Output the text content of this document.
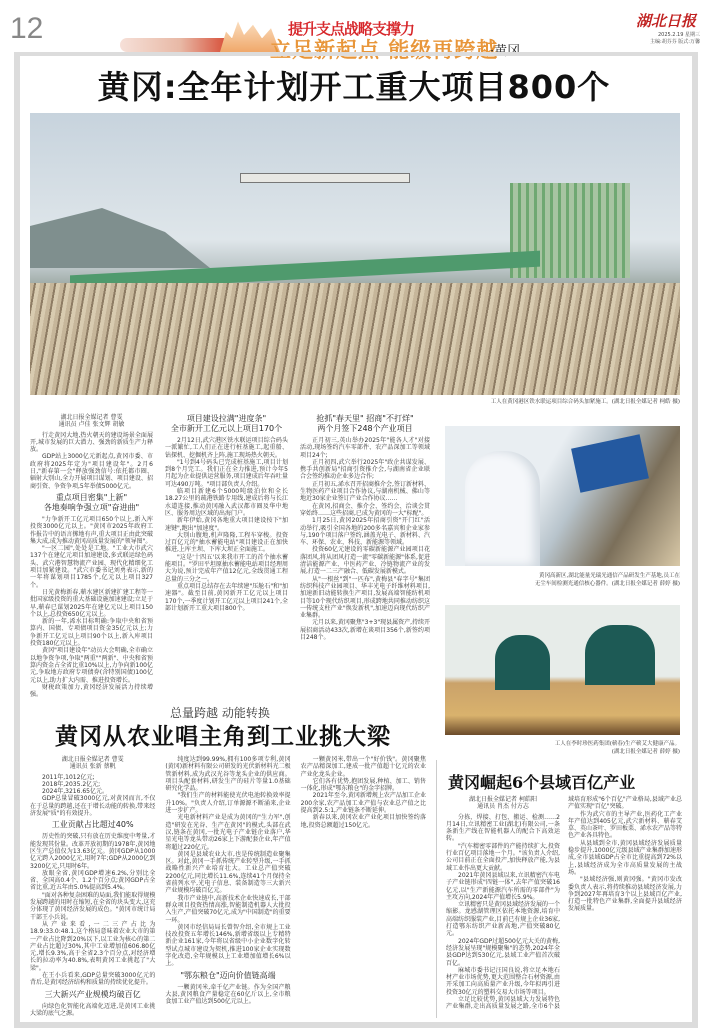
12	提升支点战略支撑力
立足新起点 能级再跨越
·黄冈
湖北日报
2025.2.19 星期三
主编:胡芬芬 版式:万馨
黄冈:全年计划开工重大项目800个
工人在黄冈港区铁水联运项目综合码头加紧施工。(湖北日报全媒记者 柯皓 摄)

湖北日报全媒记者 曹雯
通讯员 卢佳 张文辉 胡敏

行走黄冈大地,热火朝天的建设场景全面展开,城市发展的巨大潜力、强劲的新质生产力释放。

GDP站上3000亿元新起点,黄冈市委、市政府将2025年定为"项目建设年"。2月6日,"新春第一会"释放强劲信号:依托都市圈、辐射大别山,全力开展项目谋划、项目建设、招商引资、争资争项,5年举债5000亿元。

重点项目密集"上新"
各地奏响争强立项"奋进曲"

"力争新开工亿元项目650个以上,新入库投资3000亿元以上。"黄冈市2025年政府工作报告中的语言掷地有声,重大项目正由此突破集大成,成为推动黄冈高质量发展的"领导图"。

"一区二园",处处是工地。"工业大市武穴137个在建亿元项目加速建设,多式联运绿色码头、武穴港智慧物流产业园、现代化精细化工项目加紧建设。"武穴市委书记刘勇表示,新的一年将谋划项目1785个,亿元以上项目327个。

日光黄梅新春,蕲水建区新建扩建工程等一批国家级投资的重大基础设施加速建设;立足于早,蕲春已谋划2025年在建亿元以上项目150个以上,总投资650亿元以上。

新的一年,浠水目标明确:争取中央和省预算内、国债、专项债项目资金35亿元以上;力争新开工亿元以上项目90个以上,新入库项目投资180亿元以上。

黄冈"项目建设年"动员大会明确,全市确立以地争资争项,争取"两重""两新"、中央和省预算内资金占全省比重10%以上,力争向新100亿元,争取地方政府专项债券(含特别国债)100亿元以上,助力扩大内需、推进投资增长。

财税政策加力,黄冈经济发展活力持续增强。

项目建设拉满"进度条"
全市新开工亿元以上项目170个

2月12日,武穴港区铁水联运项目综合码头一派繁忙,工人们正在进行桩基施工,起重船、钻探机、挖掘机齐上阵,施工现场热火朝天。

"1号到4号码头已完成桩基施工,项目计划到8个月完工。我们正在全力推进,预计今年5月起为企业提供运营服务,项目建成后年吞吐量可达490万吨。"项目部负责人介绍。

临项目新建6个5000吨级泊位和全长18.27公里的疏港铁路专用线,建成后将与长江水道连接,推动黄冈融入武汉都市圈及华中地区、服务周边区域的出海门户。

新年伊始,黄冈各地重大项目建设按下"加速键",跑出"加速度"。

大别山腹地,机声隆隆,工程车穿梭。投资过百亿元的"抽水蓄能电站"项目建设正在加快推进,上库主坝、下库大坝正全面施工。

"这是'十四五'以来我市开工的首个抽水蓄能项目。"罗田平坦原抽水蓄能电站项目经理周大为说,预计完成年产值12亿元,全线贯通工程总量的三分之一。

重点项目总结存在去年续建"压舱石"和"加速器"。截至目前,黄冈新开工亿元以上项目170个,一季度计划开工亿元以上项目241个,全部计划新开工重大项目800个。

抢抓"春天里" 招商"不打烊"
两个月签下248个产业项目

正月初三,英山举办2025年"能各人才"对接活动,现场签约汽车零部件、农产品深加工等领域项目24个;

正月初四,武穴举行2025年"政企共谋发展、携手共创新局"招商引资推介会,与湖南省企业联合会签约推动企业多边合作;

正月初五,浠水召开招商推介会,签订新材料、生物医药产业项目合作协议,与湖南机械、佛山等地近30家企业签订产业合作协议……

在黄冈,招商会、推介会、签约会、洽谈会贯穿始终……这些招商,已成为黄冈的一大"标配"。

1月25日,黄冈2025年招商引资"开门红"活动举行,吸引全国各地的200多名嘉宾和企业家参与,190个项目落户签约,涵盖光电子、新材料、汽车、环保、农业、科技、新能源等领域。

投资60亿元建设的零碳新能源产业园项目花落团风,将从团风打造一流"零碳新能源"体系,促进清洁能源产业、中医药产业、冷链物流产业的发展,打造一二三产融合、低碳发展新模式。

从"一根丝"到"一匹布",黄梅县"春字号"集团纺织科技产业园项目、华丰光电子纤维材料项目,加速新旧动能转换生产项目,发展高端智能纺机项目等10个现代纺织项目,形成跨地共同推动纺织这一传统支柱产业"焕发新机",加速迈向现代纺织产业集群。

元月以来,黄冈聚焦"3+3"现县属资产,持续开展招商活动433次,新增在谈项目356个,新签约项目248个。

黄冈高新区,湖北能量光瑞光通信产品研发生产基地,员工在
无尘车间检测光通信核心器件。(湖北日报全媒记者 薛婷 摄)
工人在李时珍医药集团(蕲春)生产蕲艾大健康产品。
(湖北日报全媒记者 薛婷 摄)
总量跨越 动能转换
黄冈从农业唱主角到工业挑大梁

湖北日报全媒记者 曹雯
通讯员 张新 蔡帆

2011年,1012亿元;

2018年,2035.2亿元;

2024年,3216.65亿元。

GDP总量冒破3000亿元,对黄冈而言,不仅在于总量的跨越,还在于增长动能的转换,带来经济发展"质"的有效提升。

工业贡献占比超过40%

历史性的突破,只有放在历史维度中考量,才能发现其份量。改革开放初期的1978年,黄冈地区生产总值仅为13.63亿元。黄冈GDP从1000亿元跨入2000亿元,用时7年;GDP从2000亿到3200亿元,只用时6年。

放眼全省,黄冈GDP增速6.2%,分别比全省、全国高0.4个、1.2个百分点;黄冈GDP占全省比重,近五年由5.0%提高到5.4%。

"面对各种复杂困难的局面,我们能取得规模发展跨越的用时在缩短,在全省的块头变大,这充分体现了黄冈经济发展的成色。"黄冈市统计局干部王小兵说。

从产业来看,一二三产占比为18.9:33.0:48.1,这个格局意味着农业大市的第一产业占比降到20%以下,以工业为核心的第二产业占比超过30%,其中工业增加值606.80亿元,增长9.3%,高于全省2.3个百分点,对经济增长的拉动率为40.8%,表明黄冈工业挑起了"大梁"。

在王小兵看来,GDP总量突破3000亿元的背后,是黄冈经济结构和质量的持续优化提升。

三大新兴产业规模均破百亿

向绿色化智能化高端化迈进,是黄冈工业挑大梁的底气之源。

纯度达到99.99%,拥有100多项专利,黄冈(黄冈)新材料有限公司研发的光伏新材料光二极管新材料,成为武汉光谷等龙头企业的供应商。项目头配套材料,研发生产的硅片等量1.0基础研究化学品。

"我们生产的材料能使光伏电池转换效率提升10%。"负责人介绍,订单源源不断涌来,企业进一步扩产。

光电新材料产业是成为黄冈的"生力军",创造"研发在光谷、生产在黄冈"的模式,头部在武汉,链条在黄冈,一批光电子产业链企业落户,华星光电等龙头带动26家上下游配套企业,年产值将超过220亿元。

黄冈是县域农业大市,也是传统制造业聚集区。对此,黄冈一手抓传统产业转型升级,一手抓战略性新兴产业培育壮大。工业总产值突破2200亿元,同比增长11.6%,连续41个月保持全省前列水平,光电子信息、装备制造等三大新兴产业规模均破百亿元。

我市产业链中,高新技术企业快速成长,干部群众项目投资热情高涨,智能制造机器人大批投入生产,产值突破70亿元,成为"中国制造"的重要一环。

黄冈市经信局局长曾智介绍,全市规上工业技改投资五年增长146%,新增省级以上专精特新企业161家,今年将以省级中小企业数字化转型试点城市建设为契机,推进100家企业实现数字化改造,全年规模以上工业增加值增长6%以上。

"鄂东粮仓"迈向价值链高端

一颗黄冈米,牵千亿产业链。作为全国产粮大县,黄冈粮食产量稳定在60亿斤以上,全市粮食加工业产值达到500亿元以上。

一颗黄冈米,带出一个"好价钱"。黄冈聚焦农产品精深加工,建成一批产值超十亿元的农业产业化龙头企业。

它们各有优势,抱团发展,种植、加工、销售一体化,形成"鄂东粮仓"的金字招牌。

2021年至今,黄冈新增规上农产品加工企业200余家,农产品加工业产值与农业总产值之比提高到2.5:1,产业链条不断延伸。

新春以来,黄冈农业产业化项目加快签约落地,投资总额超过150亿元。

黄冈崛起6个县域百亿产业

湖北日报全媒记者 柯皓阳
通讯员 肖杰 付方志

分拣、焊接、打包、搬运、检测……2月14日,立讯精密工业(湖北)有限公司,一条条新生产线在智能机器人的配合下高效运转。

"汽车精密零部件的产能持续扩大,投资行业百亿项目落地一个月。"该负责人介绍,公司目前正在全面投产,加快释放产能,为县域工业作出更大贡献。

2021年黄冈县域以来,立讯精密汽车电子产业链形成"四链一体",去年产值突破16亿元,以"生产新能源汽车所需的零部件"为主攻方向,2024年产值增长5.9%。

立讯精密只是黄冈县域经济发展的一个缩影。龙感湖管理区依托本地资源,培育中高端纺织服装产业,目前已有规上企业36家,打造鄂东纺织产业新高地,产值突破80亿元。

2024年GDP过超500亿元大关的黄梅,经济发展呈现"规模聚集"的态势,2024年全县GDP达到530亿元,县域工业产值首次破百亿。

麻城市委书记汪国良说,将立足本地石材产业市场优势,更大范围整合石材资源,由开采加工向高质量产业升级,今年拟再引进投资30亿元的塑料交易大市场等项目。

立足比较优势,黄冈县域大力发展特色产业集群,走出高质量发展之路,全市6个县域培育形成"6个百亿"产业格局,县域产业总产值实现"百亿"突破。

作为武穴市的主导产业,医药化工产业年产值达到405亿元,武穴新材料、蕲春艾草、英山茶叶、罗田板栗、浠水农产品等特色产业各具特色。

从县域到全市,黄冈县域经济发展质量稳步提升,1000亿元级县域产业集群加速形成,全市县域GDP占全市比重提高到72%以上,县域经济成为全市高质量发展的主战场。

"县域经济强,则黄冈强。"黄冈市发改委负责人表示,将持续推动县域经济发展,力争到2027年再培育3个以上县域百亿产业,打造一批特色产业集群,全面提升县域经济发展质量。
